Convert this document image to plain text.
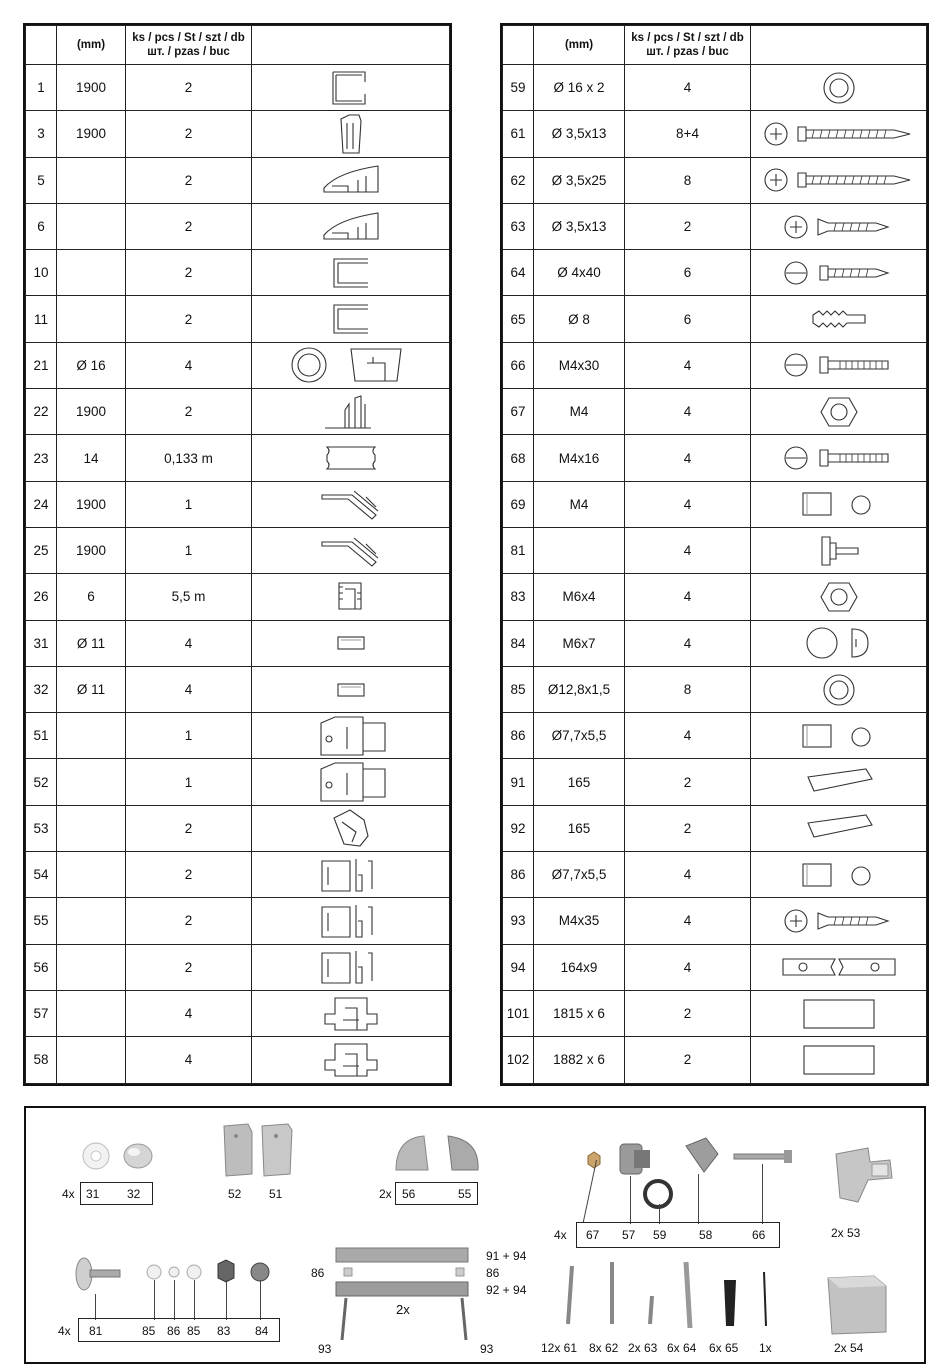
	(mm)	ks / pcs / St / szt / db
шт. / pzas / buc	
1	1900	2	

3	1900	2	

5		2	

6		2	

10		2	

11		2	

21	Ø 16	4	

22	1900	2	

23	14	0,133 m	

24	1900	1	

25	1900	1	

26	6	5,5 m	

31	Ø 11	4	

32	Ø 11	4	

51		1	

52		1	

53		2	

54		2	

55		2	

56		2	

57		4	

58		4	
	(mm)	ks / pcs / St / szt / db
шт. / pzas / buc	
59	Ø 16 x 2	4	

61	Ø 3,5x13	8+4	

62	Ø 3,5x25	8	

63	Ø 3,5x13	2	

64	Ø 4x40	6	

65	Ø 8	6	

66	M4x30	4	

67	M4	4	

68	M4x16	4	

69	M4	4	

81		4	

83	M6x4	4	

84	M6x7	4	

85	Ø12,8x1,5	8	

86	Ø7,7x5,5	4	

91	165	2	

92	165	2	

86	Ø7,7x5,5	4	

93	M4x35	4	

94	164x9	4	

101	1815 x 6	2	

102	1882 x 6	2	
4x 31 32	52 51	2x 56	55
4x 67 57 59	58	66	2x 53
4x 81	85 86 85 83 84
86
91 + 94
86
92 + 94
2x
93	93	12x 61 8x 62 2x 63 6x 64 6x 65 1x	2x 54
